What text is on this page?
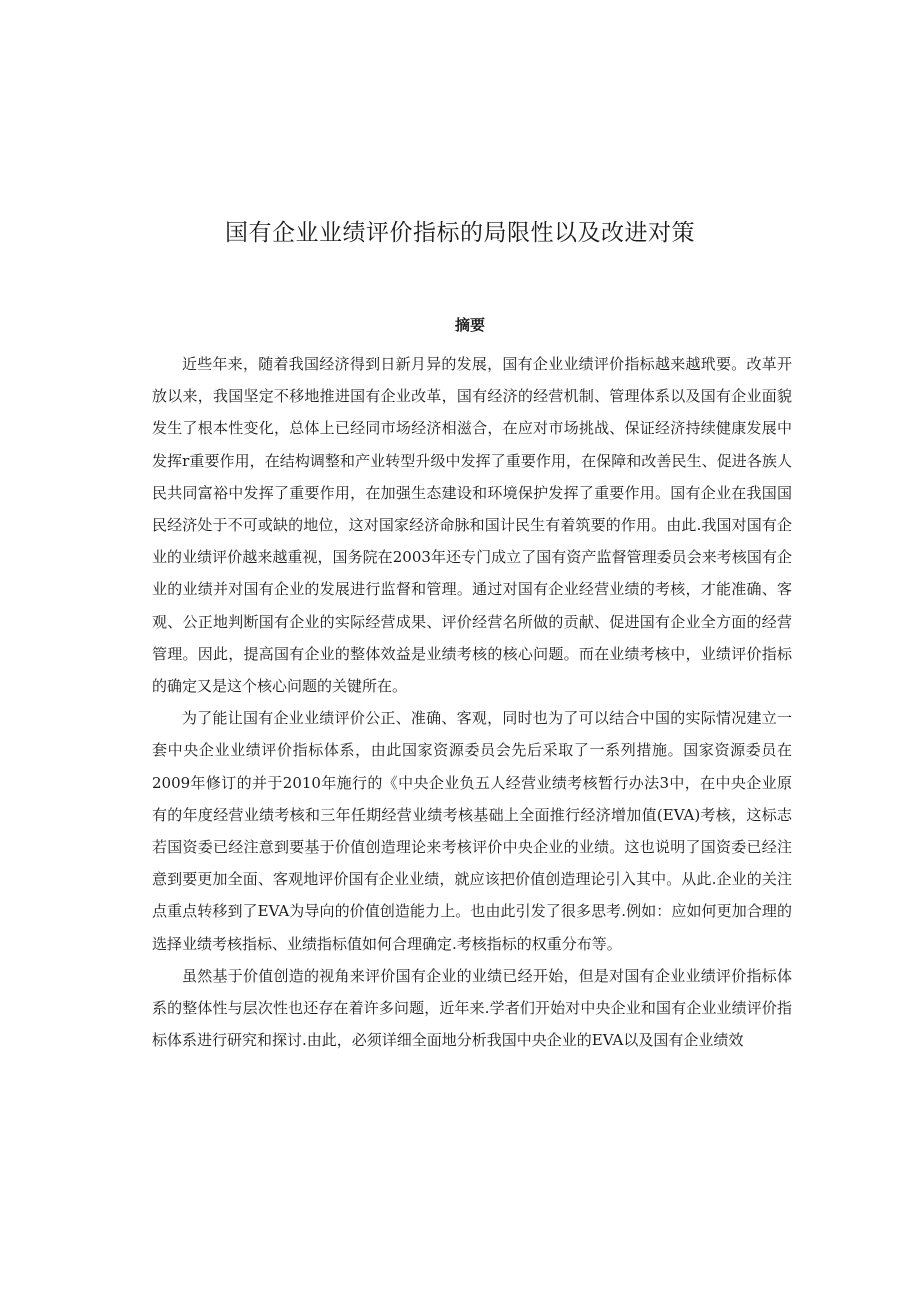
国有企业业绩评价指标的局限性以及改进对策
摘要

近些年来，随着我国经济得到日新月异的发展，国有企业业绩评价指标越来越玳要。改革开放以来，我国坚定不移地推进国有企业改革，国有经济的经营机制、管理体系以及国有企业面貌发生了根本性变化，总体上已经同市场经济相滋合，在应对市场挑战、保证经济持续健康发展中发挥r重要作用，在结构调整和产业转型升级中发挥了重要作用，在保障和改善民生、促进各族人民共同富裕中发挥了重要作用，在加强生态建设和环境保护发挥了重要作用。国有企业在我国国民经济处于不可或缺的地位，这对国家经济命脉和国计民生有着筑要的作用。由此.我国对国有企业的业绩评价越来越重视，国务院在2003年还专门成立了国有资产监督管理委员会来考核国有企业的业绩并对国有企业的发展进行监督和管理。通过对国有企业经营业绩的考核，才能准确、客观、公正地判断国有企业的实际经营成果、评价经营名所做的贡献、促进国有企业全方面的经营管理。因此，提高国有企业的整体效益是业绩考核的核心问题。而在业绩考核中，业绩评价指标的确定又是这个核心问题的关键所在。

为了能让国有企业业绩评价公正、准确、客观，同时也为了可以结合中国的实际情况建立一套中央企业业绩评价指标体系，由此国家资源委员会先后采取了一系列措施。国家资源委员在2009年修订的并于2010年施行的《中央企业负五人经营业绩考核暂行办法3中，在中央企业原有的年度经营业绩考核和三年任期经营业绩考核基础上全面推行经济增加值(EVA)考核，这标志若国资委已经注意到要基于价值创造理论来考核评价中央企业的业绩。这也说明了国资委已经注意到要更加全面、客观地评价国有企业业绩，就应该把价值创造理论引入其中。从此.企业的关注点重点转移到了EVA为导向的价值创造能力上。也由此引发了很多思考.例如：应如何更加合理的选择业绩考核指标、业绩指标值如何合理确定.考核指标的权重分布等。

虽然基于价值创造的视角来评价国有企业的业绩已经开始，但是对国有企业业绩评价指标体系的整体性与层次性也还存在着许多问题，近年来.学者们开始对中央企业和国有企业业绩评价指标体系进行研究和探讨.由此，必须详细全面地分析我国中央企业的EVA以及国有企业绩效
